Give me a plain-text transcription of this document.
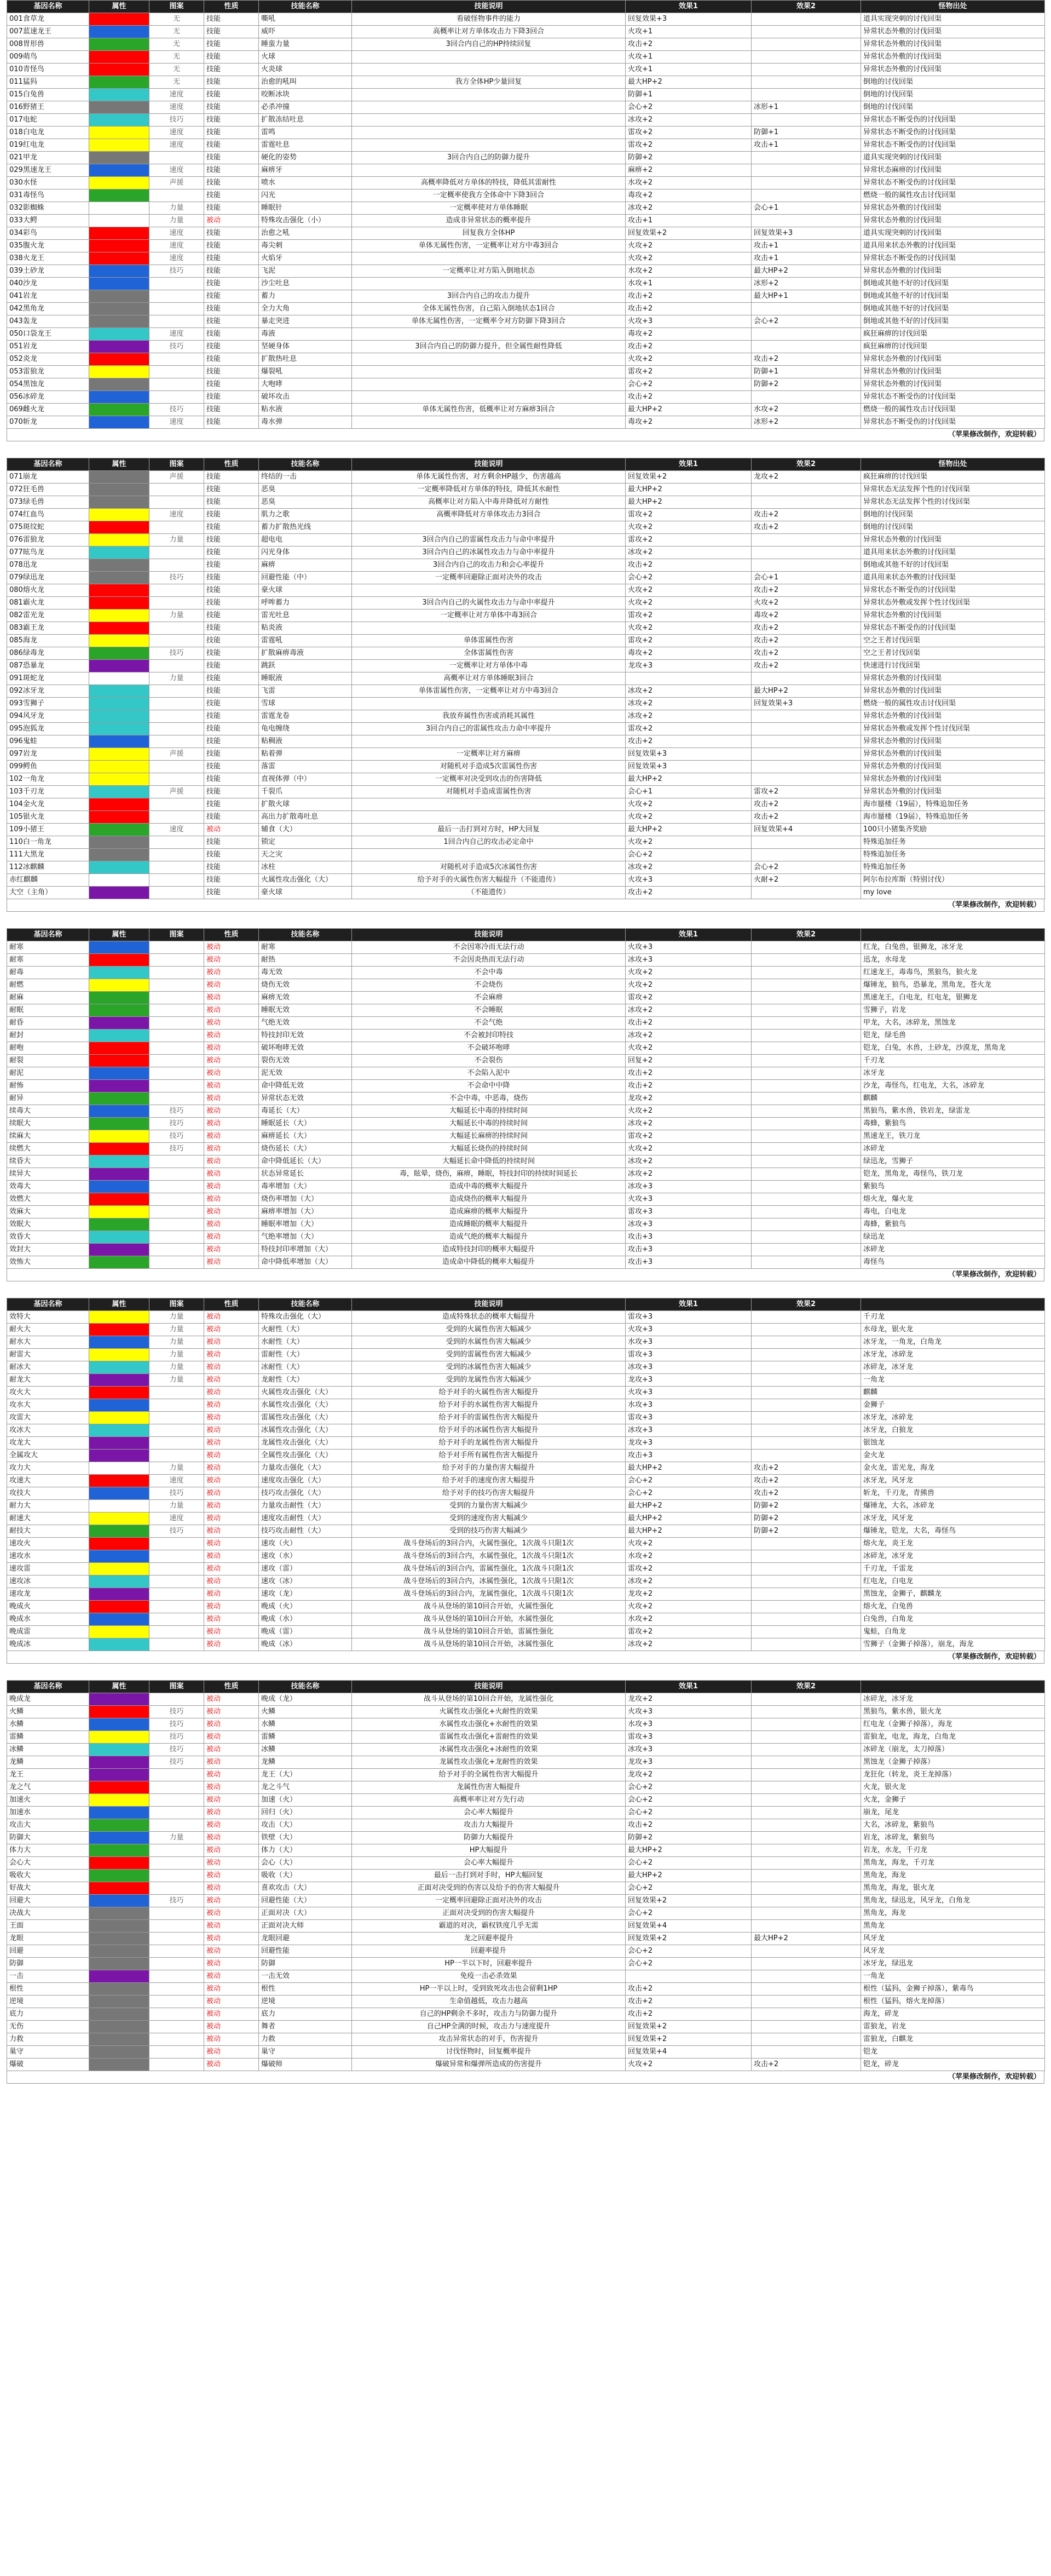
基因名称	属性	图案	性质	技能名称	技能说明	效果1	效果2	怪物出处
001食草龙		无	技能	嘶吼	看破怪物事件的能力	回复效果+3		道具实现突刺的讨伐回渠
007蓝速龙王		无	技能	威吓	高概率让对方单体攻击力下降3回合	火攻+1		异常状态外敷的讨伐回渠
008胃形兽		无	技能	睡蛮力量	3回合内自己的HP持续回复	攻击+2		异常状态外敷的讨伐回渠
009萌鸟		无	技能	火球		火攻+1		异常状态外敷的讨伐回渠
010青怪鸟		无	技能	火炎球		火攻+1		异常状态外敷的讨伐回渠
011猛犸		无	技能	治愈的吼叫	我方全体HP少量回复	最大HP+2		倒地的讨伐回渠
015白兔兽		速度	技能	咬断冰块		防御+1		倒地的讨伐回渠
016野猪王		速度	技能	必杀冲撞		会心+2	冰形+1	倒地的讨伐回渠
017电蛇		技巧	技能	扩散冻结吐息		冰攻+2		异常状态不断受伤的讨伐回渠
018白电龙		速度	技能	雷鸣		雷攻+2	防御+1	异常状态不断受伤的讨伐回渠
019红电龙		速度	技能	雷霆吐息		雷攻+2	攻击+1	异常状态不断受伤的讨伐回渠
021甲龙			技能	硬化的姿势	3回合内自己的防御力提升	防御+2		道具实现突刺的讨伐回渠
029黑速龙王		速度	技能	麻痹牙		麻痹+2		异常状态麻痹的讨伐回渠
030水怪		声援	技能	喷水	高概率降低对方单体的特技，降低其雷耐性	水攻+2		异常状态不断受伤的讨伐回渠
031毒怪鸟			技能	闪光	一定概率使我方全体命中下降3回合	毒攻+2		燃烧一般的属性攻击讨伐回渠
032影蜘蛛		力量	技能	睡眠针	一定概率使对方单体睡眠	冰攻+2	会心+1	异常状态外敷的讨伐回渠
033大鳄		力量	被动	特殊攻击强化（小）	造成非异常状态的概率提升	攻击+1		异常状态外敷的讨伐回渠
034彩鸟		速度	技能	治愈之吼	回复我方全体HP	回复效果+2	回复效果+3	道具实现突刺的讨伐回渠
035腹火龙		速度	技能	毒尖刺	单体无属性伤害，一定概率让对方中毒3回合	火攻+2	攻击+1	道具用来状态外敷的讨伐回渠
038火龙王		速度	技能	火焰牙		火攻+2	攻击+1	异常状态不断受伤的讨伐回渠
039土砂龙		技巧	技能	飞泥	一定概率让对方陷入倒地状态	水攻+2	最大HP+2	异常状态外敷的讨伐回渠
040沙龙			技能	沙尘吐息		水攻+1	冰形+2	倒地或其他不好的讨伐回渠
041岩龙			技能	蓄力	3回合内自己的攻击力提升	攻击+2	最大HP+1	倒地或其他不好的讨伐回渠
042黑角龙			技能	全力大角	全体无属性伤害，自己陷入倒地状态1回合	攻击+2		倒地或其他不好的讨伐回渠
043轰龙			技能	暴走突进	单体无属性伤害，一定概率令对方防御下降3回合	火攻+3	会心+2	倒地或其他不好的讨伐回渠
050口袋龙王		速度	技能	毒液		毒攻+2		疯狂麻痹的讨伐回渠
051岩龙		技巧	技能	坚硬身体	3回合内自己的防御力提升，但全属性耐性降低	攻击+2		疯狂麻痹的讨伐回渠
052炎龙			技能	扩散热吐息		火攻+2	攻击+2	异常状态外敷的讨伐回渠
053雷狼龙			技能	爆裂吼		雷攻+2	防御+1	异常状态外敷的讨伐回渠
054黑蚀龙			技能	大咆哮		会心+2	防御+2	异常状态外敷的讨伐回渠
056冰碎龙			技能	破坏攻击		攻击+2		异常状态不断受伤的讨伐回渠
069雌火龙		技巧	技能	粘水液	单体无属性伤害，低概率让对方麻痹3回合	最大HP+2	水攻+2	燃烧一般的属性攻击讨伐回渠
070斩龙		速度	技能	毒水弹		毒攻+2	冰形+2	异常状态不断受伤的讨伐回渠
（苹果修改制作，欢迎转载）
基因名称	属性	图案	性质	技能名称	技能说明	效果1	效果2	怪物出处
071崩龙		声援	技能	终结的一击	单体无属性伤害，对方剩余HP越少，伤害越高	回复效果+2	龙攻+2	疯狂麻痹的讨伐回渠
072狂毛兽			技能	恶臭	一定概率降低对方单体的特技，降低其水耐性	最大HP+2		异常状态无法发挥个性的讨伐回渠
073绿毛兽			技能	恶臭	高概率让对方陷入中毒并降低对方耐性	最大HP+2		异常状态无法发挥个性的讨伐回渠
074红血鸟		速度	技能	肌力之歌	高概率降低对方单体攻击力3回合	雷攻+2	攻击+2	倒地的讨伐回渠
075斑纹蛇			技能	蓄力扩散热光线		火攻+2	攻击+2	倒地的讨伐回渠
076雷狼龙		力量	技能	超电电	3回合内自己的雷属性攻击力与命中率提升	雷攻+2		异常状态外敷的讨伐回渠
077眩鸟龙			技能	闪光身体	3回合内自己的冰属性攻击力与命中率提升	冰攻+2		道具用来状态外敷的讨伐回渠
078迅龙			技能	麻痹	3回合内自己的攻击力和会心率提升	攻击+2		倒地或其他不好的讨伐回渠
079绿迅龙		技巧	技能	回避性能（中）	一定概率回避除正面对决外的攻击	会心+2	会心+1	道具用来状态外敷的讨伐回渠
080熔火龙			技能	豪火球		火攻+2	攻击+2	异常状态不断受伤的讨伐回渠
081霸火龙			技能	呼哞蓄力	3回合内自己的火属性攻击力与命中率提升	火攻+2	火攻+2	异常状态外敷或发挥个性讨伐回渠
082雷光龙		力量	技能	雷光吐息	一定概率让对方单体中毒3回合	雷攻+2	毒攻+2	异常状态外敷的讨伐回渠
083霸王龙			技能	粘炎液		火攻+2	攻击+2	异常状态不断受伤的讨伐回渠
085海龙			技能	雷霆吼	单体雷属性伤害	雷攻+2	攻击+2	空之王者讨伐回渠
086绿毒龙		技巧	技能	扩散麻痹毒液	全体雷属性伤害	毒攻+2	攻击+2	空之王者讨伐回渠
087恐暴龙			技能	跳跃	一定概率让对方单体中毒	龙攻+3	攻击+2	快速进行讨伐回渠
091斑蛇龙		力量	技能	睡眠液	高概率让对方单体睡眠3回合			异常状态外敷的讨伐回渠
092冰牙龙			技能	飞雷	单体雷属性伤害，一定概率让对方中毒3回合	冰攻+2	最大HP+2	异常状态外敷的讨伐回渠
093雪狮子			技能	雪球		冰攻+2	回复效果+3	燃烧一般的属性攻击讨伐回渠
094风牙龙			技能	雷霆龙卷	我放弃属性伤害或消耗其属性	冰攻+2		异常状态外敷的讨伐回渠
095泡狐龙			技能	龟电缠绕	3回合内自己的雷属性攻击力命中率提升	雷攻+2		异常状态外敷或发挥个性讨伐回渠
096鬼蛙			技能	粘稠液		攻击+2		异常状态外敷的讨伐回渠
097岩龙		声援	技能	粘着弹	一定概率让对方麻痹	回复效果+3		异常状态外敷的讨伐回渠
099鳄鱼			技能	落雷	对随机对手造成5次雷属性伤害	回复效果+3		异常状态外敷的讨伐回渠
102一角龙			技能	直视体弹（中）	一定概率对决受到攻击的伤害降低	最大HP+2		异常状态外敷的讨伐回渠
103千刃龙		声援	技能	千裂爪	对随机对手造成雷属性伤害	会心+1	雷攻+2	异常状态外敷的讨伐回渠
104金火龙			技能	扩散火球		火攻+2	攻击+2	海市蜃楼（19届），特殊追加任务
105银火龙			技能	高出力扩散毒吐息		火攻+2	攻击+2	海市蜃楼（19届），特殊追加任务
109小猪王		速度	被动	辅食（大）	最后一击打到对方时，HP大回复	最大HP+2	回复效果+4	100只小猪集齐奖励
110白一角龙			技能	锁定	1回合内自己的攻击必定命中	火攻+2		特殊追加任务
111大黑龙			技能	天之灾		会心+2		特殊追加任务
112冰麒麟			技能	冰柱	对随机对手造成5次冰属性伤害	冰攻+2	会心+2	特殊追加任务
赤红麒麟			技能	火属性攻击强化（大）	给予对手的火属性伤害大幅提升（不能遗传）	火攻+3	火耐+2	阿尔布拉库斯（特别讨伐）
大空（主角）			技能	豪火球	（不能遗传）	攻击+2		my love
（苹果修改制作，欢迎转载）
基因名称	属性	图案	性质	技能名称	技能说明	效果1	效果2	
耐寒			被动	耐寒	不会因寒冷而无法行动	火攻+3		红龙，白兔兽，银狮龙，冰牙龙
耐寒			被动	耐热	不会因炎热而无法行动	冰攻+3		迅龙，水母龙
耐毒			被动	毒无效	不会中毒	火攻+2		红速龙王，毒毒鸟，黑狼鸟，狼火龙
耐燃			被动	烧伤无效	不会烧伤	火攻+2		爆锤龙，狼鸟，恐暴龙，黑角龙，苍火龙
耐麻			被动	麻痹无效	不会麻痹	雷攻+2		黑速龙王，白电龙，红电龙，银狮龙
耐眠			被动	睡眠无效	不会睡眠	冰攻+2		雪狮子，岩龙
耐昏			被动	气绝无效	不会气绝	攻击+2		甲龙，大名，冰碎龙，黑蚀龙
耐封			被动	特技封印无效	不会被封印特技	冰攻+2		铠龙，绿毛兽
耐咆			被动	破坏咆哮无效	不会破坏咆哮	火攻+2		铠龙，白兔，水兽，土砂龙，沙漠龙，黑角龙
耐裂			被动	裂伤无效	不会裂伤	回复+2		千刃龙
耐泥			被动	泥无效	不会陷入泥中	攻击+2		冰牙龙
耐怖			被动	命中降低无效	不会命中中降	攻击+2		沙龙，毒怪鸟，红电龙，大名，冰碎龙
耐异			被动	异常状态无效	不会中毒，中恶毒，烧伤	龙攻+2		麒麟
续毒大		技巧	被动	毒延长（大）	大幅延长中毒的持续时间	火攻+2		黑狼鸟，紫水兽，铁岩龙，绿雷龙
续眠大		技巧	被动	睡眠延长（大）	大幅延长中毒的持续时间	冰攻+2		毒蜂，紫狼鸟
续麻大		技巧	被动	麻痹延长（大）	大幅延长麻痹的持续时间	雷攻+2		黑速龙王，铁刀龙
续燃大		技巧	被动	烧伤延长（大）	大幅延长烧伤的持续时间	火攻+2		冰碎龙
续昏大			被动	命中降低延长（大）	大幅延长命中降低的持续时间	冰攻+2		绿迅龙，雪狮子
续异大			被动	状态异常延长	毒，眩晕，烧伤，麻痹，睡眠，特技封印的持续时间延长	冰攻+2		铠龙，黑角龙，毒怪鸟，铁刀龙
效毒大			被动	毒率增加（大）	造成中毒的概率大幅提升	冰攻+3		紫狼鸟
效燃大			被动	烧伤率增加（大）	造成烧伤的概率大幅提升	火攻+3		熔火龙，爆火龙
效麻大			被动	麻痹率增加（大）	造成麻痹的概率大幅提升	雷攻+3		毒电，白电龙
效眠大			被动	睡眠率增加（大）	造成睡眠的概率大幅提升	冰攻+3		毒蜂，紫狼鸟
效昏大			被动	气绝率增加（大）	造成气绝的概率大幅提升	攻击+3		绿迅龙
效封大			被动	特技封印率增加（大）	造成特技封印的概率大幅提升	攻击+3		冰碎龙
效怖大			被动	命中降低率增加（大）	造成命中降低的概率大幅提升	攻击+3		毒怪鸟
（苹果修改制作，欢迎转载）
基因名称	属性	图案	性质	技能名称	技能说明	效果1	效果2	
效特大		力量	被动	特殊攻击强化（大）	造成特殊状态的概率大幅提升	雷攻+3		千刃龙
耐火大		力量	被动	火耐性（大）	受到的火属性伤害大幅减少	火攻+3		水母龙，银火龙
耐水大		力量	被动	水耐性（大）	受到的水属性伤害大幅减少	水攻+3		冰牙龙，一角龙，白角龙
耐雷大		力量	被动	雷耐性（大）	受到的雷属性伤害大幅减少	雷攻+3		冰牙龙，冰碎龙
耐冰大		力量	被动	冰耐性（大）	受到的冰属性伤害大幅减少	冰攻+3		冰碎龙，冰牙龙
耐龙大		力量	被动	龙耐性（大）	受到的龙属性伤害大幅减少	龙攻+3		一角龙
攻火大			被动	火属性攻击强化（大）	给予对手的火属性伤害大幅提升	火攻+3		麒麟
攻水大			被动	水属性攻击强化（大）	给予对手的水属性伤害大幅提升	水攻+3		金狮子
攻雷大			被动	雷属性攻击强化（大）	给予对手的雷属性伤害大幅提升	雷攻+3		冰牙龙，冰碎龙
攻冰大			被动	冰属性攻击强化（大）	给予对手的冰属性伤害大幅提升	冰攻+3		冰牙龙，白狼龙
攻龙大			被动	龙属性攻击强化（大）	给予对手的龙属性伤害大幅提升	龙攻+3		银蚀龙
全属攻大			被动	全属性攻击强化（大）	给予对手所有属性伤害大幅提升	攻击+3		金火龙
攻力大		力量	被动	力量攻击强化（大）	给予对手的力量伤害大幅提升	最大HP+2	攻击+2	金火龙，雷光龙，海龙
攻速大		速度	被动	速度攻击强化（大）	给予对手的速度伤害大幅提升	会心+2	攻击+2	冰牙龙，风牙龙
攻技大		技巧	被动	技巧攻击强化（大）	给予对手的技巧伤害大幅提升	会心+2	攻击+2	斩龙，千刃龙，青熊兽
耐力大		力量	被动	力量攻击耐性（大）	受到的力量伤害大幅减少	最大HP+2	防御+2	爆锤龙，大名，冰碎龙
耐速大		速度	被动	速度攻击耐性（大）	受到的速度伤害大幅减少	最大HP+2	防御+2	冰牙龙，风牙龙
耐技大		技巧	被动	技巧攻击耐性（大）	受到的技巧伤害大幅减少	最大HP+2	防御+2	爆锤龙，铠龙，大名，毒怪鸟
速攻火			被动	速攻（火）	战斗登场后的3回合内，火属性强化，1次战斗只限1次	火攻+2		熔火龙，炎王龙
速攻水			被动	速攻（水）	战斗登场后的3回合内，水属性强化，1次战斗只限1次	水攻+2		冰碎龙，冰牙龙
速攻雷			被动	速攻（雷）	战斗登场后的3回合内，雷属性强化，1次战斗只限1次	雷攻+2		千刃龙，千雷龙
速攻冰			被动	速攻（冰）	战斗登场后的3回合内，冰属性强化，1次战斗只限1次	冰攻+2		红电龙，白电龙
速攻龙			被动	速攻（龙）	战斗登场后的3回合内，龙属性强化，1次战斗只限1次	龙攻+2		黑蚀龙，金狮子，麒麟龙
晚成火			被动	晚成（火）	战斗从登场的第10回合开始，火属性强化	火攻+2		熔火龙，白兔兽
晚成水			被动	晚成（水）	战斗从登场的第10回合开始，水属性强化	水攻+2		白兔兽，白角龙
晚成雷			被动	晚成（雷）	战斗从登场的第10回合开始，雷属性强化	雷攻+2		鬼蛙，白角龙
晚成冰			被动	晚成（冰）	战斗从登场的第10回合开始，冰属性强化	冰攻+2		雪狮子（金狮子掉落），崩龙，海龙
（苹果修改制作，欢迎转载）
基因名称	属性	图案	性质	技能名称	技能说明	效果1	效果2	
晚成龙			被动	晚成（龙）	战斗从登场的第10回合开始，龙属性强化	龙攻+2		冰碎龙，冰牙龙
火鳞		技巧	被动	火鳞	火属性攻击强化+火耐性的效果	火攻+3		黑狼鸟，紫水兽，银火龙
水鳞		技巧	被动	水鳞	水属性攻击强化+水耐性的效果	水攻+3		红电龙（金狮子掉落），海龙
雷鳞		技巧	被动	雷鳞	雷属性攻击强化+雷耐性的效果	雷攻+3		雷狼龙，电龙，海龙，白角龙
冰鳞		技巧	被动	冰鳞	冰属性攻击强化+冰耐性的效果	冰攻+3		冰碎龙（崩龙，太刀掉落）
龙鳞		技巧	被动	龙鳞	龙属性攻击强化+龙耐性的效果	龙攻+3		黑蚀龙（金狮子掉落）
龙王			被动	龙王（大）	给予对手的全属性伤害大幅提升	龙攻+2		龙狂化（转龙，炎王龙掉落）
龙之气			被动	龙之斗气	龙属性伤害大幅提升	会心+2		火龙，银火龙
加速火			被动	加速（火）	高概率率让对方先行动	会心+2		火龙，金狮子
加速水			被动	回归（火）	会心率大幅提升	会心+2		崩龙，尾龙
攻击大			被动	攻击（大）	攻击力大幅提升	攻击+2		大名，冰碎龙，紫狼鸟
防御大		力量	被动	铁壁（大）	防御力大幅提升	防御+2		岩龙，冰碎龙，紫狼鸟
体力大			被动	体力（大）	HP大幅提升	最大HP+2		岩龙，水龙，千刃龙
会心大			被动	会心（大）	会心率大幅提升	会心+2		黑角龙，海龙，千刃龙
吸收大			被动	吸收（大）	最后一击打到对手时，HP大幅回复	最大HP+2		黑角龙，海龙
好战大			被动	喜欢攻击（大）	正面对决受到的伤害以及给予的伤害大幅提升	会心+2		黑角龙，海龙，银火龙
回避大		技巧	被动	回避性能（大）	一定概率回避除正面对决外的攻击	回复效果+2		黑角龙，绿迅龙，风牙龙，白角龙
决战大			被动	正面对决（大）	正面对决受到的伤害大幅提升	会心+2		黑角龙，海龙
王面			被动	正面对决大师	霸道的对决，霸权铁度几乎无需	回复效果+4		黑角龙
龙眼			被动	龙眼回避	龙之回避率提升	回复效果+2	最大HP+2	风牙龙
回避			被动	回避性能	回避率提升	会心+2		风牙龙
防御			被动	防御	HP一半以下时，回避率提升	会心+2		冰牙龙，绿迅龙
一击			被动	一击无效	免疫一击必杀效果			一角龙
根性			被动	根性	HP一半以上时，受到致死攻击也会留剩1HP	攻击+2		根性（猛犸，金狮子掉落），紫毒鸟
逆境			被动	逆境	生命值越低，攻击力越高	攻击+2		根性（猛犸，熔火龙掉落）
底力			被动	底力	自己的HP剩余不多时，攻击力与防御力提升	攻击+2		海龙，碎龙
无伤			被动	舞者	自己HP全满的时候，攻击力与速度提升	回复效果+2		雷狼龙，岩龙
力救			被动	力救	攻击异常状态的对手，伤害提升	回复效果+2		雷狼龙，白麒龙
巢守			被动	巢守	讨伐怪物时，回复概率提升	回复效果+4		铠龙
爆破			被动	爆破师	爆破异常和爆弹所造成的伤害提升	火攻+2	攻击+2	铠龙，碎龙
（苹果修改制作，欢迎转载）
